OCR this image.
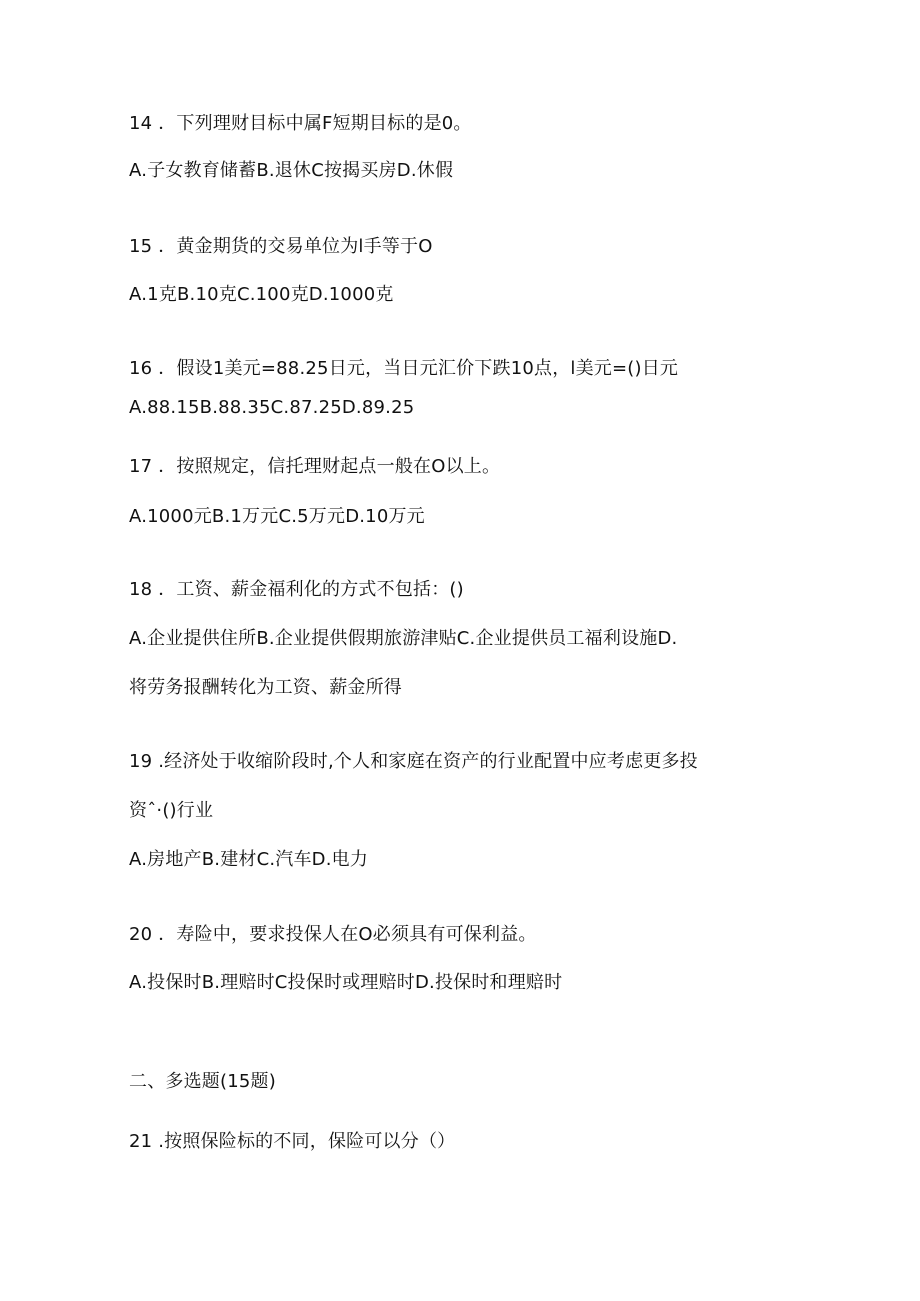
14 ．下列理财目标中属F短期目标的是0。
A.子女教育储蓄B.退休C按揭买房D.休假
15 ．黄金期货的交易单位为l手等于O
A.1克B.10克C.100克D.1000克
16 ．假设1美元=88.25日元，当日元汇价下跌10点，l美元=()日元
A.88.15B.88.35C.87.25D.89.25
17 ．按照规定，信托理财起点一般在O以上。
A.1000元B.1万元C.5万元D.10万元
18 ．工资、薪金福利化的方式不包括：()
A.企业提供住所B.企业提供假期旅游津贴C.企业提供员工福利设施D.
将劳务报酬转化为工资、薪金所得
19 .经济处于收缩阶段时,个人和家庭在资产的行业配置中应考虑更多投
资ˆ·()行业
A.房地产B.建材C.汽车D.电力
20 ．寿险中，要求投保人在O必须具有可保利益。
A.投保时B.理赔时C投保时或理赔时D.投保时和理赔时
二、多选题(15题)
21 .按照保险标的不同，保险可以分（）
